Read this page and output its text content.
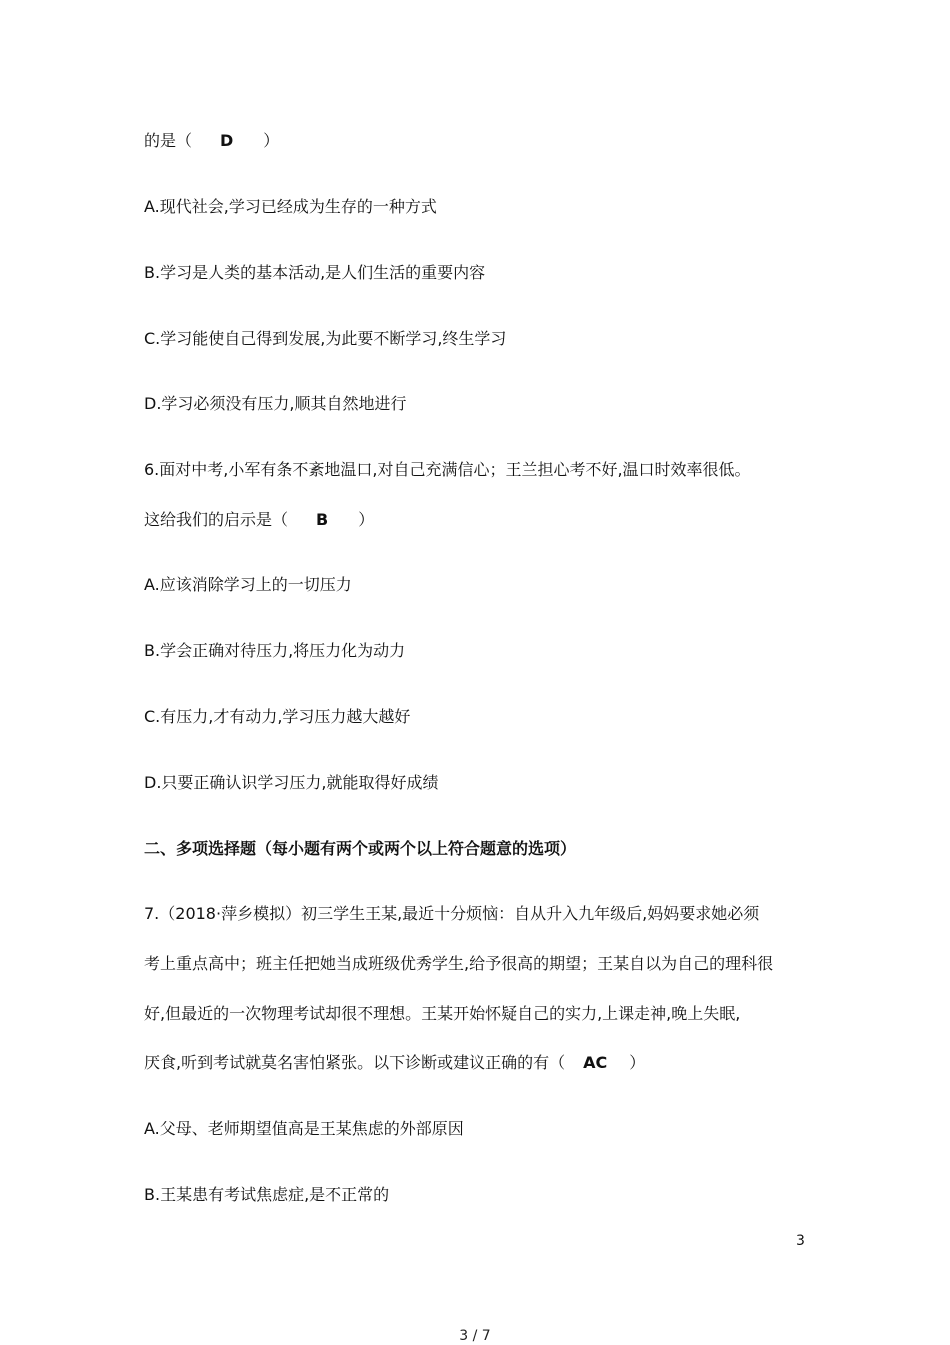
的是（ D ）
A.现代社会,学习已经成为生存的一种方式
B.学习是人类的基本活动,是人们生活的重要内容
C.学习能使自己得到发展,为此要不断学习,终生学习
D.学习必须没有压力,顺其自然地进行
6.面对中考,小军有条不紊地温口,对自己充满信心；王兰担心考不好,温口时效率很低。
这给我们的启示是（ B ）
A.应该消除学习上的一切压力
B.学会正确对待压力,将压力化为动力
C.有压力,才有动力,学习压力越大越好
D.只要正确认识学习压力,就能取得好成绩
二、多项选择题（每小题有两个或两个以上符合题意的选项）
7.（2018·萍乡模拟）初三学生王某,最近十分烦恼：自从升入九年级后,妈妈要求她必须
考上重点高中；班主任把她当成班级优秀学生,给予很高的期望；王某自以为自己的理科很
好,但最近的一次物理考试却很不理想。王某开始怀疑自己的实力,上课走神,晚上失眠,
厌食,听到考试就莫名害怕紧张。以下诊断或建议正确的有（ AC ）
A.父母、老师期望值高是王某焦虑的外部原因
B.王某患有考试焦虑症,是不正常的
3
3 / 7
